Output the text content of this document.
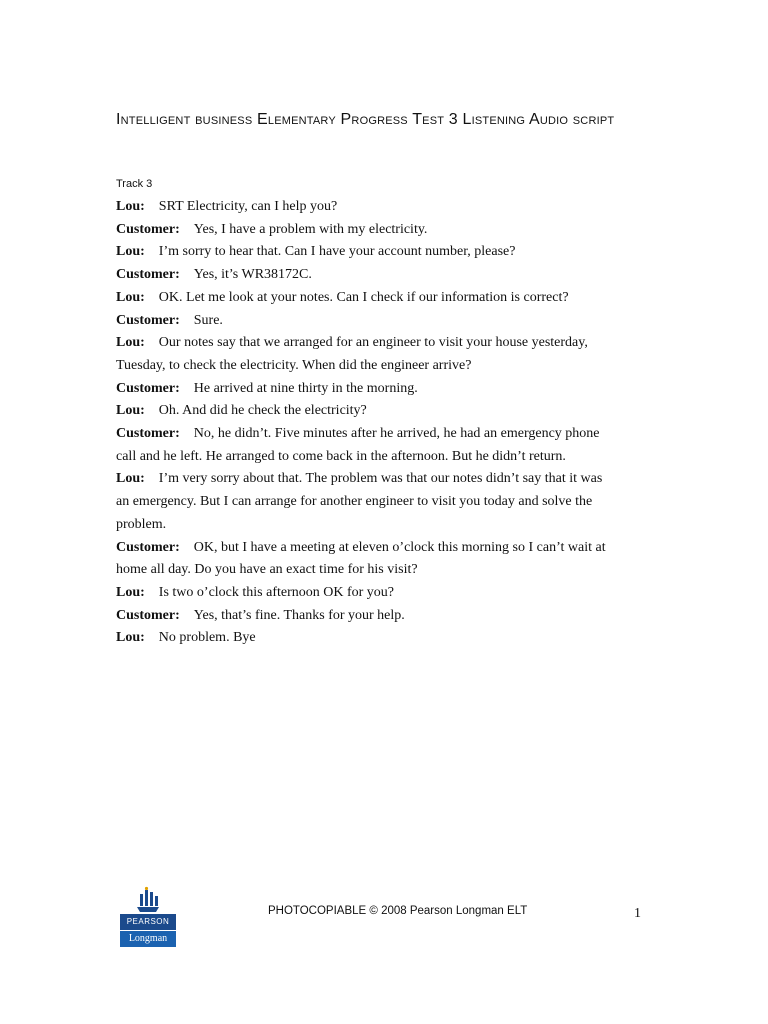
Intelligent business Elementary Progress Test 3 Listening Audio script
Track 3

Lou: SRT Electricity, can I help you?

Customer: Yes, I have a problem with my electricity.

Lou: I’m sorry to hear that. Can I have your account number, please?

Customer: Yes, it’s WR38172C.

Lou: OK. Let me look at your notes. Can I check if our information is correct?

Customer: Sure.

Lou: Our notes say that we arranged for an engineer to visit your house yesterday, Tuesday, to check the electricity. When did the engineer arrive?

Customer: He arrived at nine thirty in the morning.

Lou: Oh. And did he check the electricity?

Customer: No, he didn’t. Five minutes after he arrived, he had an emergency phone call and he left. He arranged to come back in the afternoon. But he didn’t return.

Lou: I’m very sorry about that. The problem was that our notes didn’t say that it was an emergency. But I can arrange for another engineer to visit you today and solve the problem.

Customer: OK, but I have a meeting at eleven o’clock this morning so I can’t wait at home all day. Do you have an exact time for his visit?

Lou: Is two o’clock this afternoon OK for you?

Customer: Yes, that’s fine. Thanks for your help.

Lou: No problem. Bye

PEARSON
Longman
PHOTOCOPIABLE © 2008 Pearson Longman ELT	1
